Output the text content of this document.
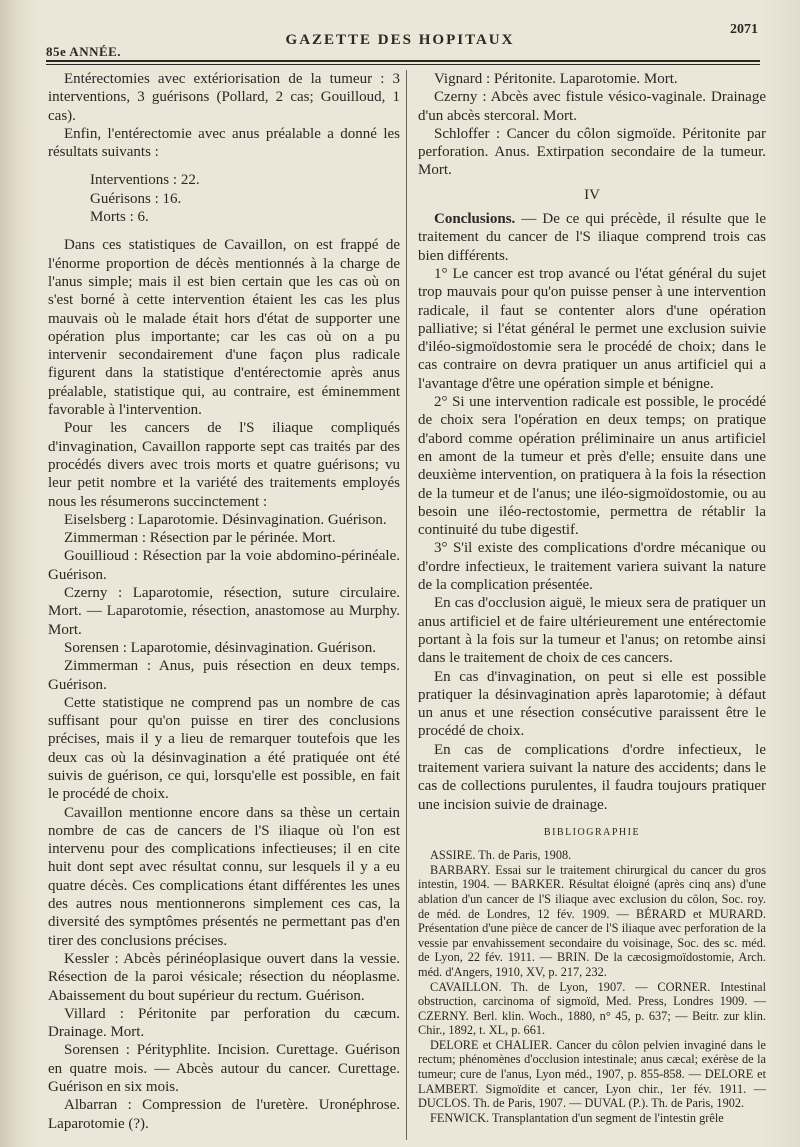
85e ANNÉE.
GAZETTE DES HOPITAUX
2071

Entérectomies avec extériorisation de la tumeur : 3 interventions, 3 guérisons (Pollard, 2 cas; Gouilloud, 1 cas).

Enfin, l'entérectomie avec anus préalable a donné les résultats suivants :

Interventions : 22.
Guérisons : 16.
Morts : 6.

Dans ces statistiques de Cavaillon, on est frappé de l'énorme proportion de décès mentionnés à la charge de l'anus simple; mais il est bien certain que les cas où on s'est borné à cette intervention étaient les cas les plus mauvais où le malade était hors d'état de supporter une opération plus importante; car les cas où on a pu intervenir secondairement d'une façon plus radicale figurent dans la statistique d'entérectomie après anus préalable, statistique qui, au contraire, est éminemment favorable à l'intervention.

Pour les cancers de l'S iliaque compliqués d'invagination, Cavaillon rapporte sept cas traités par des procédés divers avec trois morts et quatre guérisons; vu leur petit nombre et la variété des traitements employés nous les résumerons succinctement :

Eiselsberg : Laparotomie. Désinvagination. Guérison.

Zimmerman : Résection par le périnée. Mort.

Gouillioud : Résection par la voie abdomino-périnéale. Guérison.

Czerny : Laparotomie, résection, suture circulaire. Mort. — Laparotomie, résection, anastomose au Murphy. Mort.

Sorensen : Laparotomie, désinvagination. Guérison.

Zimmerman : Anus, puis résection en deux temps. Guérison.

Cette statistique ne comprend pas un nombre de cas suffisant pour qu'on puisse en tirer des conclusions précises, mais il y a lieu de remarquer toutefois que les deux cas où la désinvagination a été pratiquée ont été suivis de guérison, ce qui, lorsqu'elle est possible, en fait le procédé de choix.

Cavaillon mentionne encore dans sa thèse un certain nombre de cas de cancers de l'S iliaque où l'on est intervenu pour des complications infectieuses; il en cite huit dont sept avec résultat connu, sur lesquels il y a eu quatre décès. Ces complications étant différentes les unes des autres nous mentionnerons simplement ces cas, la diversité des symptômes présentés ne permettant pas d'en tirer des conclusions précises.

Kessler : Abcès périnéoplasique ouvert dans la vessie. Résection de la paroi vésicale; résection du néoplasme. Abaissement du bout supérieur du rectum. Guérison.

Villard : Péritonite par perforation du cæcum. Drainage. Mort.

Sorensen : Pérityphlite. Incision. Curettage. Guérison en quatre mois. — Abcès autour du cancer. Curettage. Guérison en six mois.

Albarran : Compression de l'uretère. Uronéphrose. Laparotomie (?).

Vignard : Péritonite. Laparotomie. Mort.

Czerny : Abcès avec fistule vésico-vaginale. Drainage d'un abcès stercoral. Mort.

Schloffer : Cancer du côlon sigmoïde. Péritonite par perforation. Anus. Extirpation secondaire de la tumeur. Mort.

IV

Conclusions. — De ce qui précède, il résulte que le traitement du cancer de l'S iliaque comprend trois cas bien différents.

1° Le cancer est trop avancé ou l'état général du sujet trop mauvais pour qu'on puisse penser à une intervention radicale, il faut se contenter alors d'une opération palliative; si l'état général le permet une exclusion suivie d'iléo-sigmoïdostomie sera le procédé de choix; dans le cas contraire on devra pratiquer un anus artificiel qui a l'avantage d'être une opération simple et bénigne.

2° Si une intervention radicale est possible, le procédé de choix sera l'opération en deux temps; on pratique d'abord comme opération préliminaire un anus artificiel en amont de la tumeur et près d'elle; ensuite dans une deuxième intervention, on pratiquera à la fois la résection de la tumeur et de l'anus; une iléo-sigmoïdostomie, ou au besoin une iléo-rectostomie, permettra de rétablir la continuité du tube digestif.

3° S'il existe des complications d'ordre mécanique ou d'ordre infectieux, le traitement variera suivant la nature de la complication présentée.

En cas d'occlusion aiguë, le mieux sera de pratiquer un anus artificiel et de faire ultérieurement une entérectomie portant à la fois sur la tumeur et l'anus; on retombe ainsi dans le traitement de choix de ces cancers.

En cas d'invagination, on peut si elle est possible pratiquer la désinvagination après laparotomie; à défaut un anus et une résection consécutive paraissent être le procédé de choix.

En cas de complications d'ordre infectieux, le traitement variera suivant la nature des accidents; dans le cas de collections purulentes, il faudra toujours pratiquer une incision suivie de drainage.

BIBLIOGRAPHIE

ASSIRE. Th. de Paris, 1908.

BARBARY. Essai sur le traitement chirurgical du cancer du gros intestin, 1904. — BARKER. Résultat éloigné (après cinq ans) d'une ablation d'un cancer de l'S iliaque avec exclusion du côlon, Soc. roy. de méd. de Londres, 12 fév. 1909. — BÉRARD et MURARD. Présentation d'une pièce de cancer de l'S iliaque avec perforation de la vessie par envahissement secondaire du voisinage, Soc. des sc. méd. de Lyon, 22 fév. 1911. — BRIN. De la cæcosigmoïdostomie, Arch. méd. d'Angers, 1910, XV, p. 217, 232.

CAVAILLON. Th. de Lyon, 1907. — CORNER. Intestinal obstruction, carcinoma of sigmoïd, Med. Press, Londres 1909. — CZERNY. Berl. klin. Woch., 1880, n° 45, p. 637; — Beitr. zur klin. Chir., 1892, t. XL, p. 661.

DELORE et CHALIER. Cancer du côlon pelvien invaginé dans le rectum; phénomènes d'occlusion intestinale; anus cæcal; exérèse de la tumeur; cure de l'anus, Lyon méd., 1907, p. 855-858. — DELORE et LAMBERT. Sigmoïdite et cancer, Lyon chir., 1er fév. 1911. — DUCLOS. Th. de Paris, 1907. — DUVAL (P.). Th. de Paris, 1902.

FENWICK. Transplantation d'un segment de l'intestin grêle
